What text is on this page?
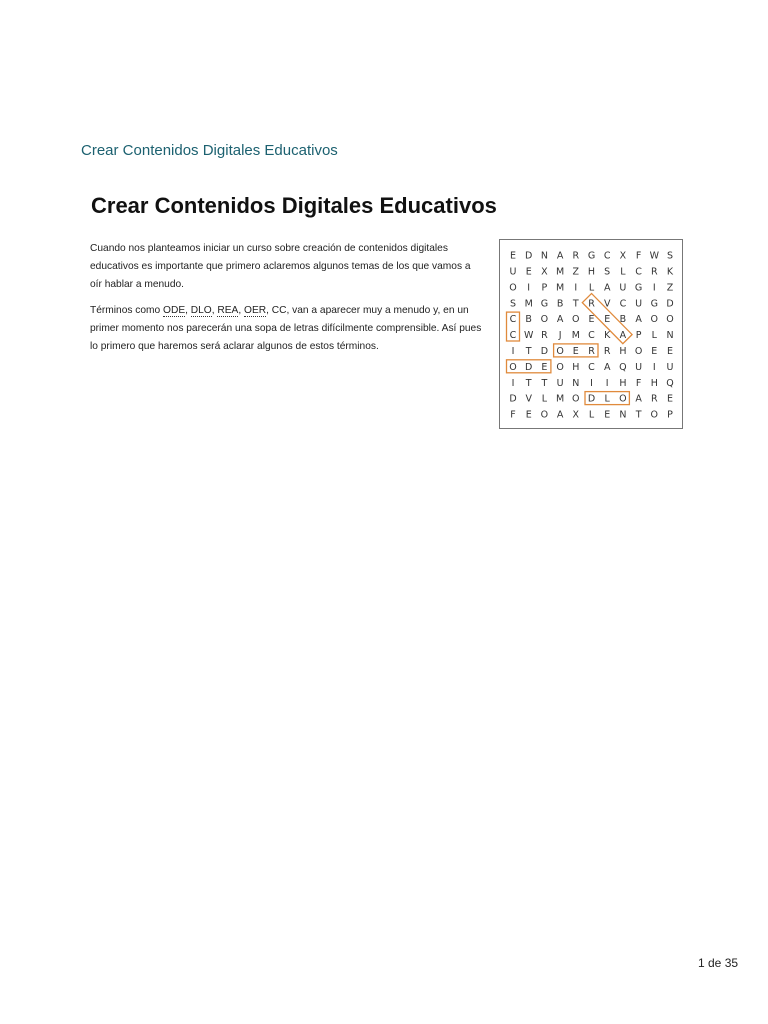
Crear Contenidos Digitales Educativos
Crear Contenidos Digitales Educativos

Cuando nos planteamos iniciar un curso sobre creación de contenidos digitales educativos es importante que primero aclaremos algunos temas de los que vamos a oír hablar a menudo.

Términos como ODE, DLO, REA, OER, CC, van a aparecer muy a menudo y, en un primer momento nos parecerán una sopa de letras difícilmente comprensible. Así pues lo primero que haremos será aclarar algunos de estos términos.

E D N A R G C X F W S
U E X M Z H S L C R K
O I P M I L A U G I Z
S M G B T R V C U G D
C B O A O E E B A O O
C W R J M C K A P L N
I T D O E R R H O E E
O D E O H C A Q U I U
I T T U N I I H F H Q
D V L M O D L O A R E
F E O A X L E N T O P
1 de 35
